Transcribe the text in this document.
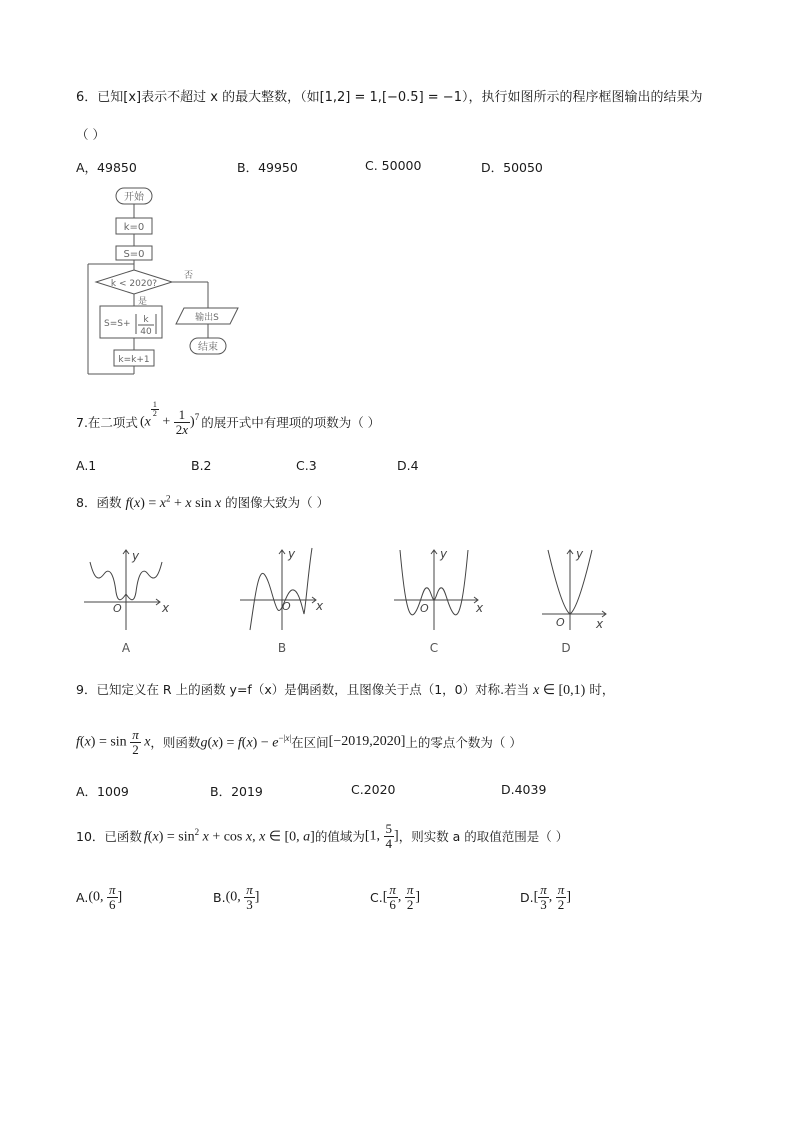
6．已知[x]表示不超过 x 的最大整数，（如[1,2] = 1,[−0.5] = −1），执行如图所示的程序框图输出的结果为
（ ）
A，49850	B．49950	C. 50000	D．50050
开始
k=0
S=0
k < 2020?
否
是
S=S+ k
40
输出S
结束
k=k+1
7.在二项式 (x
$^{\frac{1}{2}}$
+ $\frac{1}{2x} )^7$ 的展开式中有理项的项数为（ ）
A.1	B.2	C.3	D.4
8．函数 $f(x) = x^2 + x$ sin x 的图像大致为（ ）
y
x
O
A
y
x
O
B
y
x
O
C
y
x
O
D
9．已知定义在 R 上的函数 y=f（x）是偶函数，且图像关于点（1，0）对称.若当 x ∈ [0,1) 时，
$f(x) = \sin \frac{\pi}{2}$ x ，则函数 $g(x) = f(x) - e^{-|x|}$ 在区间 [−2019,2020] 上的零点个数为（ ）
A．1009	B．2019	C.2020	D.4039
10．已函数 $f(x) = \sin^2 x + \cos x$, x ∈ [0, a] 的值域为 [1, $\frac{5}{4}$ ] ，则实数 a 的取值范围是（ ）
A. (0, $\frac{\pi}{6}$ ]	B. (0, $\frac{\pi}{3}$ ]	C. [ $\frac{\pi}{6}$ , $\frac{\pi}{2}$ ]	D. [ $\frac{\pi}{3}$ , $\frac{\pi}{2}$ ]
